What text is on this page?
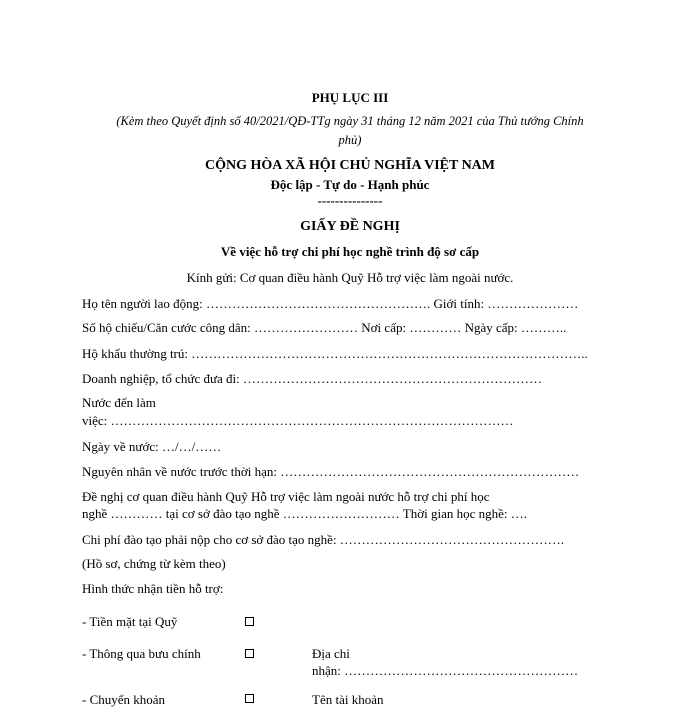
PHỤ LỤC III
(Kèm theo Quyết định số 40/2021/QĐ-TTg ngày 31 tháng 12 năm 2021 của Thủ tướng Chính
phủ)
CỘNG HÒA XÃ HỘI CHỦ NGHĨA VIỆT NAM
Độc lập - Tự do - Hạnh phúc
---------------
GIẤY ĐỀ NGHỊ
Về việc hỗ trợ chi phí học nghề trình độ sơ cấp
Kính gửi: Cơ quan điều hành Quỹ Hỗ trợ việc làm ngoài nước.
Họ tên người lao động: ……………………………………………. Giới tính: …………………
Số hộ chiếu/Căn cước công dân: …………………… Nơi cấp: ………… Ngày cấp: ………..
Hộ khẩu thường trú: ………………………………………………………………………………..
Doanh nghiệp, tổ chức đưa đi: ……………………………………………………………
Nước đến làm
việc: …………………………………………………………………………………
Ngày về nước: …/…/……
Nguyên nhân về nước trước thời hạn: ……………………………………………………………
Đề nghị cơ quan điều hành Quỹ Hỗ trợ việc làm ngoài nước hỗ trợ chi phí học
nghề ………… tại cơ sở đào tạo nghề ……………………… Thời gian học nghề: ….
Chi phí đào tạo phải nộp cho cơ sở đào tạo nghề: …………………………………………….
(Hồ sơ, chứng từ kèm theo)
Hình thức nhận tiền hỗ trợ:
- Tiền mặt tại Quỹ
- Thông qua bưu chính	Địa chỉ
nhận: ………………………………………………
- Chuyển khoản	Tên tài khoản
